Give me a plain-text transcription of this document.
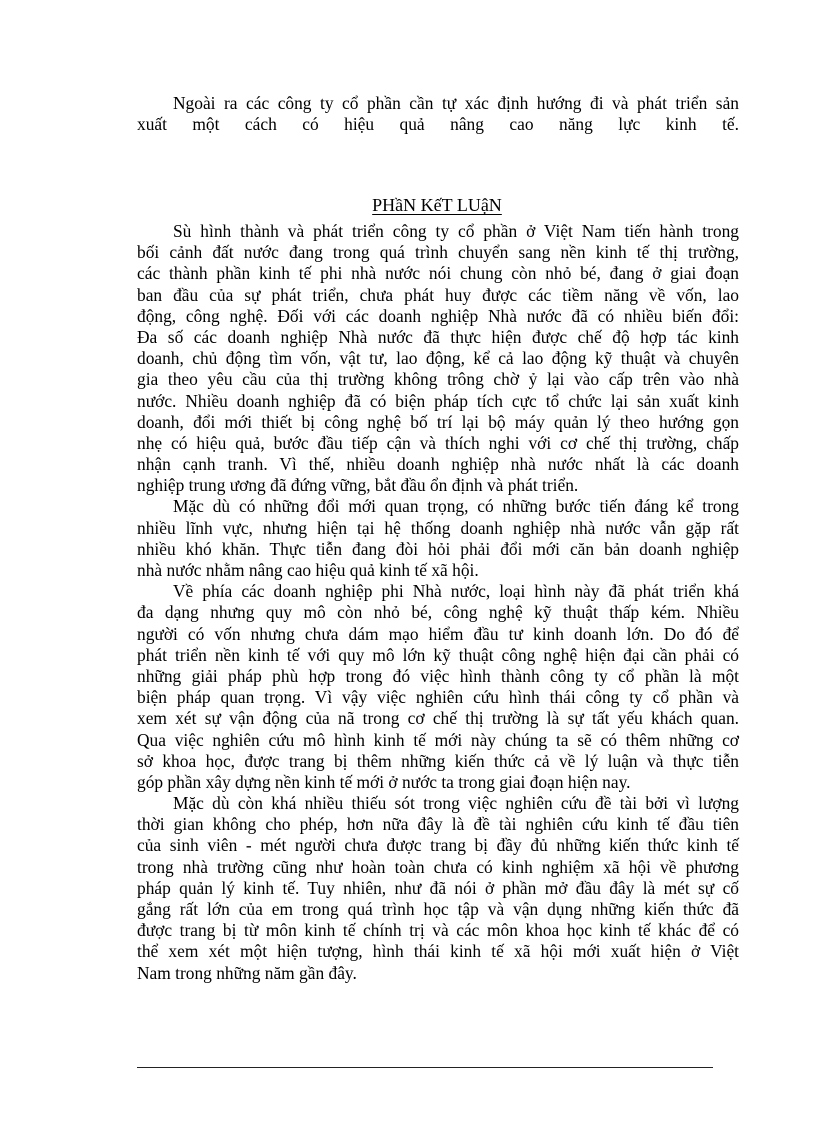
Ngoài ra các công ty cổ phần cần tự xác định hướng đi và phát triển sản
xuất một cách có hiệu quả nâng cao năng lực kinh tế.
PHầN KếT LUậN
Sù hình thành và phát triển công ty cổ phần ở Việt Nam tiến hành trong
bối cảnh đất nước đang trong quá trình chuyển sang nền kinh tế thị trường,
các thành phần kinh tế phi nhà nước nói chung còn nhỏ bé, đang ở giai đoạn
ban đầu của sự phát triển, chưa phát huy được các tiềm năng về vốn, lao
động, công nghệ. Đối với các doanh nghiệp Nhà nước đã có nhiều biến đổi:
Đa số các doanh nghiệp Nhà nước đã thực hiện được chế độ hợp tác kinh
doanh, chủ động tìm vốn, vật tư, lao động, kể cả lao động kỹ thuật và chuyên
gia theo yêu cầu của thị trường không trông chờ ỷ lại vào cấp trên vào nhà
nước. Nhiều doanh nghiệp đã có biện pháp tích cực tổ chức lại sản xuất kinh
doanh, đổi mới thiết bị công nghệ bố trí lại bộ máy quản lý theo hướng gọn
nhẹ có hiệu quả, bước đầu tiếp cận và thích nghi với cơ chế thị trường, chấp
nhận cạnh tranh. Vì thế, nhiều doanh nghiệp nhà nước nhất là các doanh
nghiệp trung ương đã đứng vững, bắt đầu ổn định và phát triển.
Mặc dù có những đổi mới quan trọng, có những bước tiến đáng kể trong
nhiều lĩnh vực, nhưng hiện tại hệ thống doanh nghiệp nhà nước vẫn gặp rất
nhiều khó khăn. Thực tiễn đang đòi hỏi phải đổi mới căn bản doanh nghiệp
nhà nước nhằm nâng cao hiệu quả kinh tế xã hội.
Về phía các doanh nghiệp phi Nhà nước, loại hình này đã phát triển khá
đa dạng nhưng quy mô còn nhỏ bé, công nghệ kỹ thuật thấp kém. Nhiều
người có vốn nhưng chưa dám mạo hiểm đầu tư kinh doanh lớn. Do đó để
phát triển nền kinh tế với quy mô lớn kỹ thuật công nghệ hiện đại cần phải có
những giải pháp phù hợp trong đó việc hình thành công ty cổ phần là một
biện pháp quan trọng. Vì vậy việc nghiên cứu hình thái công ty cổ phần và
xem xét sự vận động của nã trong cơ chế thị trường là sự tất yếu khách quan.
Qua việc nghiên cứu mô hình kinh tế mới này chúng ta sẽ có thêm những cơ
sở khoa học, được trang bị thêm những kiến thức cả về lý luận và thực tiễn
góp phần xây dựng nền kinh tế mới ở nước ta trong giai đoạn hiện nay.
Mặc dù còn khá nhiều thiếu sót trong việc nghiên cứu đề tài bởi vì lượng
thời gian không cho phép, hơn nữa đây là đề tài nghiên cứu kinh tế đầu tiên
của sinh viên - mét người chưa được trang bị đầy đủ những kiến thức kinh tế
trong nhà trường cũng như hoàn toàn chưa có kinh nghiệm xã hội về phương
pháp quản lý kinh tế. Tuy nhiên, như đã nói ở phần mở đầu đây là mét sự cố
gắng rất lớn của em trong quá trình học tập và vận dụng những kiến thức đã
được trang bị từ môn kinh tế chính trị và các môn khoa học kinh tế khác để có
thể xem xét một hiện tượng, hình thái kinh tế xã hội mới xuất hiện ở Việt
Nam trong những năm gần đây.
